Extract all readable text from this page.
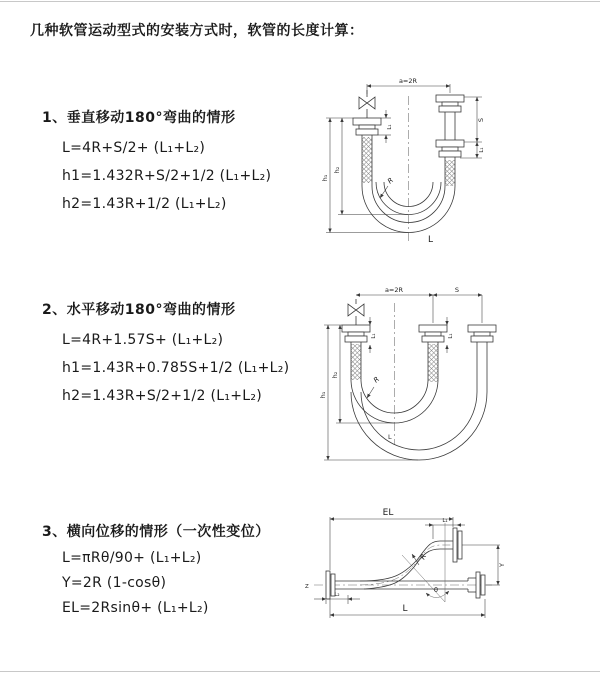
几种软管运动型式的安装方式时，软管的长度计算：
1、垂直移动180°弯曲的情形
L=4R+S/2+ (L₁+L₂)
h1=1.432R+S/2+1/2 (L₁+L₂)
h2=1.43R+1/2 (L₁+L₂)
2、水平移动180°弯曲的情形
L=4R+1.57S+ (L₁+L₂)
h1=1.43R+0.785S+1/2 (L₁+L₂)
h2=1.43R+S/2+1/2 (L₁+L₂)
3、横向位移的情形（一次性变位）
L=πRθ/90+ (L₁+L₂)
Y=2R (1-cosθ)
EL=2Rsinθ+ (L₁+L₂)
a=2R
h₁
h₂
L₁
S
L₁
R
L
a=2R	S
h₁
h₂
L₁	L₁
R
L
EL
L₁
Y
R
θ
L
L₂
Z
